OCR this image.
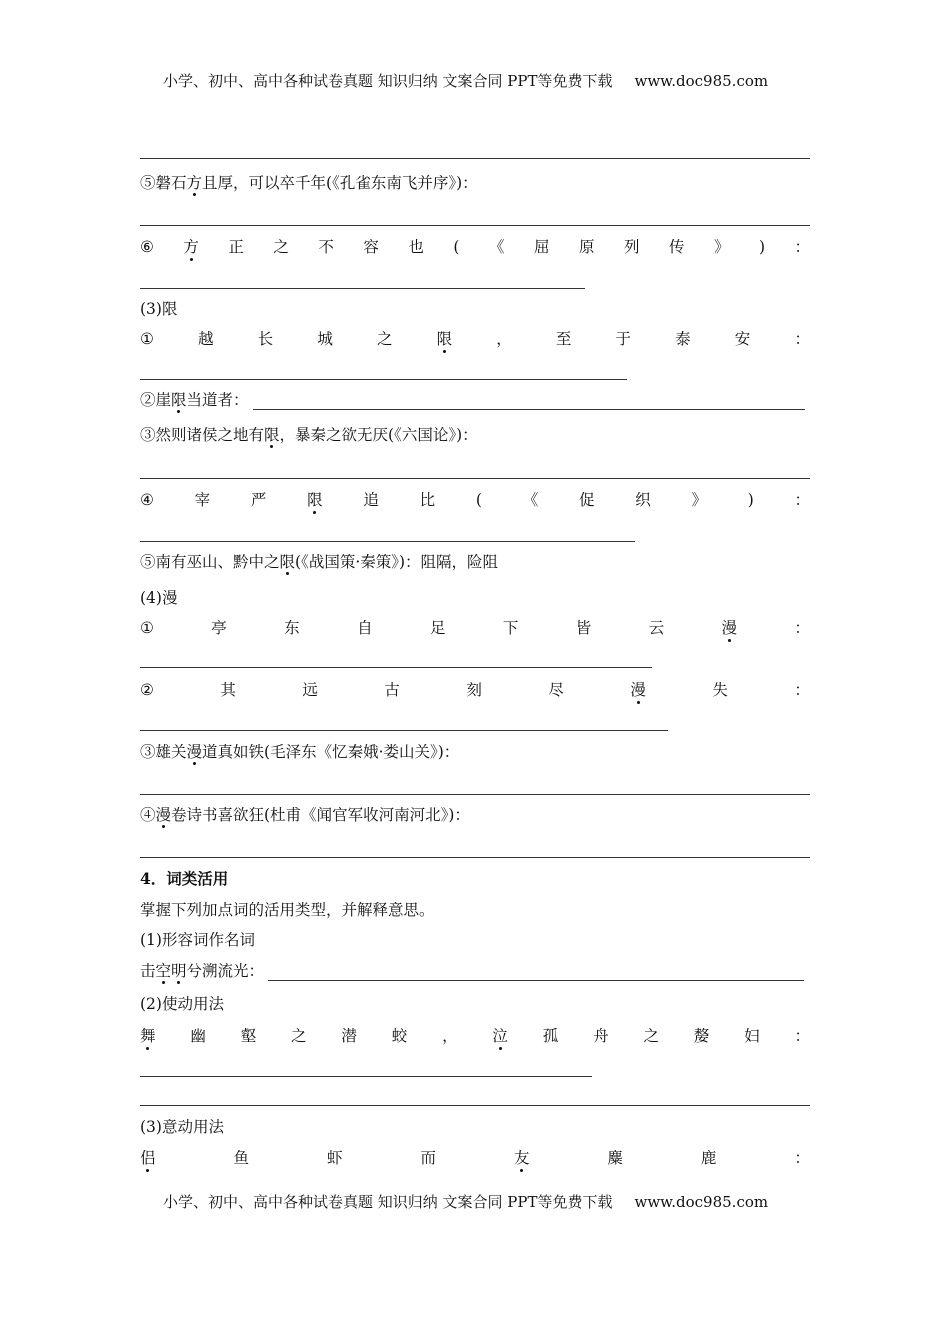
小学、初中、高中各种试卷真题 知识归纳 文案合同 PPT等免费下载 www.doc985.com
⑤磐石方且厚，可以卒千年(《孔雀东南飞并序》)：
⑥ 方 正 之 不 容 也 ( 《 屈 原 列 传 》 ) ：
(3)限
①	越	长	城	之	限	，	至	于	泰	安	：
②崖限当道者：
③然则诸侯之地有限，暴秦之欲无厌(《六国论》)：
④	宰	严	限	追	比	(	《	促	织	》	)	：
⑤南有巫山、黔中之限(《战国策·秦策》)：阻隔，险阻
(4)漫
①	亭	东	自	足	下	皆	云	漫	：
②	其	远	古	刻	尽	漫	失	：
③雄关漫道真如铁(毛泽东《忆秦娥·娄山关》)：
④漫卷诗书喜欲狂(杜甫《闻官军收河南河北》)：
4．词类活用
掌握下列加点词的活用类型，并解释意思。
(1)形容词作名词
击空明兮溯流光：
(2)使动用法
舞 幽 壑 之 潜 蛟 ， 泣 孤 舟 之 嫠 妇 ：
(3)意动用法
侣	鱼	虾	而	友	麋	鹿	：
小学、初中、高中各种试卷真题 知识归纳 文案合同 PPT等免费下载 www.doc985.com
